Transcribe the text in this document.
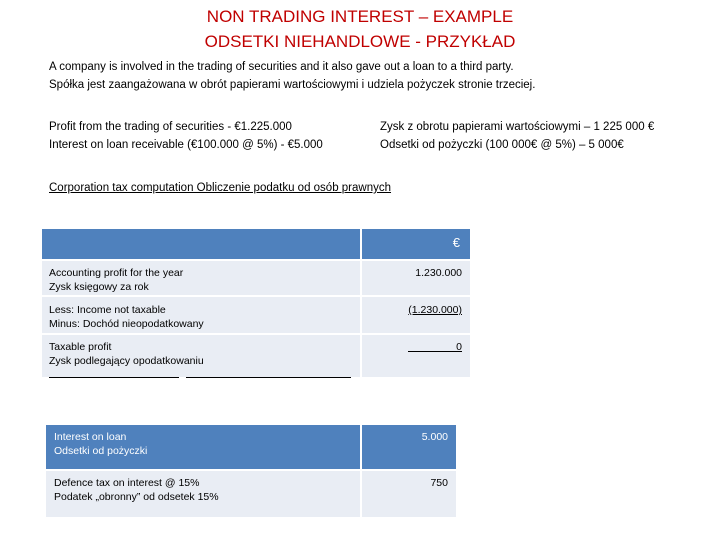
NON TRADING INTEREST – EXAMPLE
ODSETKI NIEHANDLOWE - PRZYKŁAD
A company is involved in the trading of securities and it also gave out a loan to a third party.
Spółka jest zaangażowana w obrót papierami wartościowymi i udziela pożyczek stronie trzeciej.
Profit from the trading of securities - €1.225.000
Interest on loan receivable (€100.000 @ 5%) - €5.000
Zysk z obrotu papierami wartościowymi – 1 225 000 €
Odsetki od pożyczki (100 000€ @ 5%) – 5 000€
Corporation tax computation Obliczenie podatku od osób prawnych
€
Accounting profit for the year
Zysk księgowy za rok
1.230.000
Less: Income not taxable
Minus: Dochód nieopodatkowany
(1.230.000)
Taxable profit
Zysk podlegający opodatkowaniu
0
Interest on loan
Odsetki od pożyczki
5.000
Defence tax on interest @ 15%
Podatek „obronny” od odsetek 15%
750
